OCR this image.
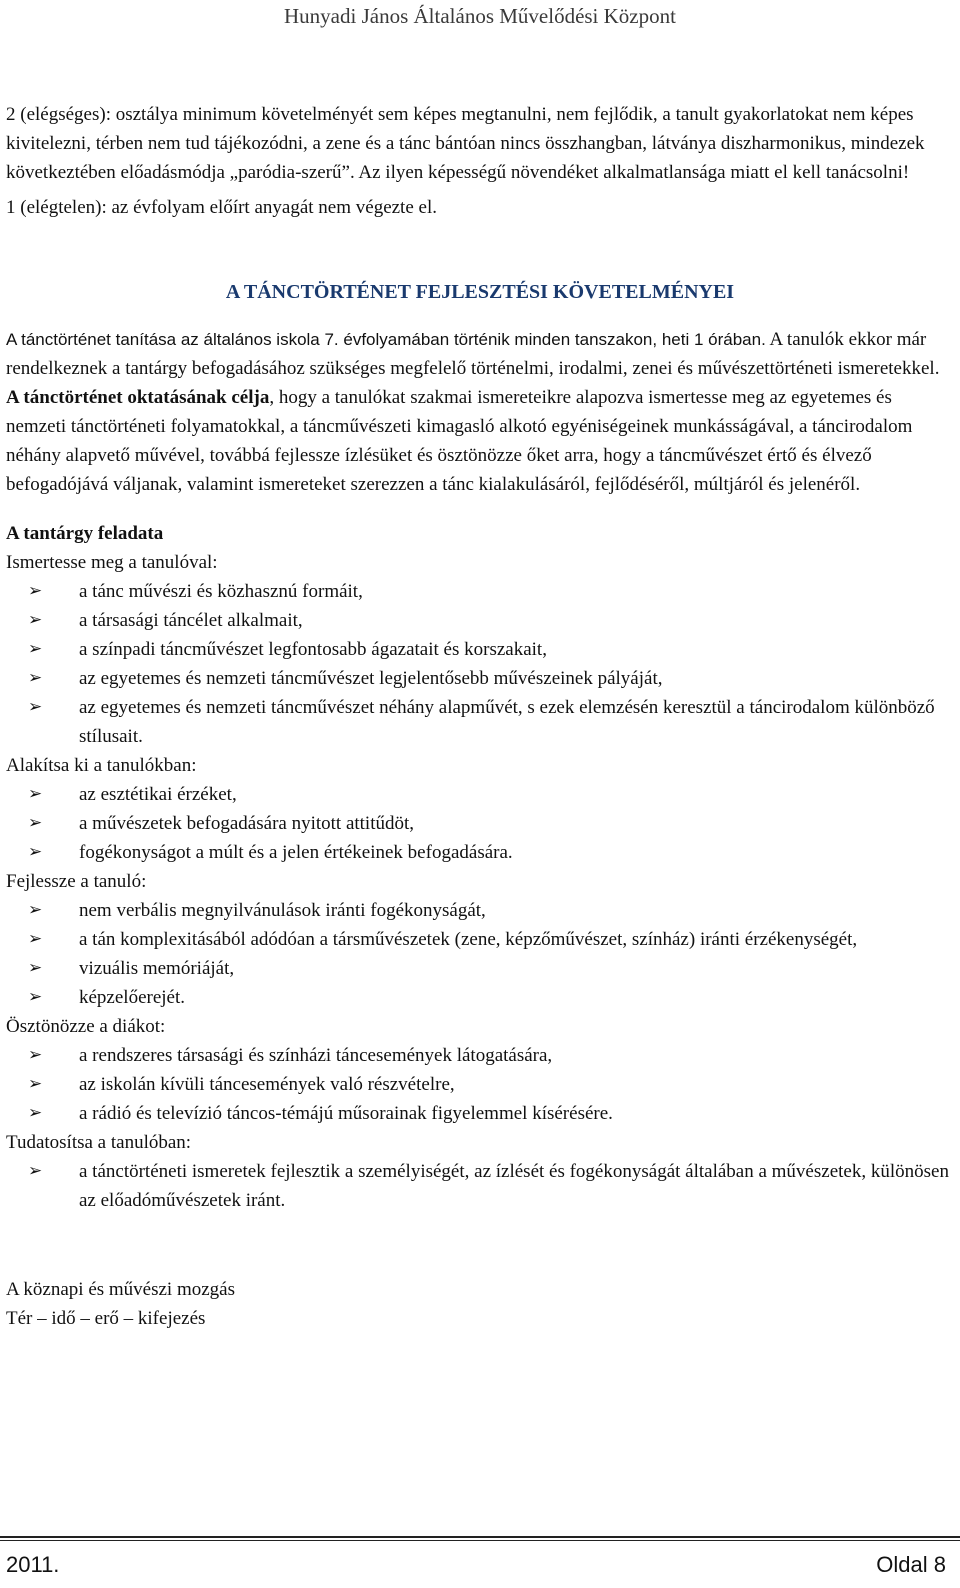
Hunyadi János Általános Művelődési Központ

2 (elégséges): osztálya minimum követelményét sem képes megtanulni, nem fejlődik, a tanult gyakorlatokat nem képes kivitelezni, térben nem tud tájékozódni, a zene és a tánc bántóan nincs összhangban, látványa diszharmonikus, mindezek következtében előadásmódja „paródia-szerű”. Az ilyen képességű növendéket alkalmatlansága miatt el kell tanácsolni!

1 (elégtelen): az évfolyam előírt anyagát nem végezte el.

A TÁNCTÖRTÉNET FEJLESZTÉSI KÖVETELMÉNYEI

A tánctörténet tanítása az általános iskola 7. évfolyamában történik minden tanszakon, heti 1 órában. A tanulók ekkor már rendelkeznek a tantárgy befogadásához szükséges megfelelő történelmi, irodalmi, zenei és művészettörténeti ismeretekkel.

A tánctörténet oktatásának célja, hogy a tanulókat szakmai ismereteikre alapozva ismertesse meg az egyetemes és nemzeti tánctörténeti folyamatokkal, a táncművészeti kimagasló alkotó egyéniségeinek munkásságával, a táncirodalom néhány alapvető művével, továbbá fejlessze ízlésüket és ösztönözze őket arra, hogy a táncművészet értő és élvező befogadójává váljanak, valamint ismereteket szerezzen a tánc kialakulásáról, fejlődéséről, múltjáról és jelenéről.

A tantárgy feladata

Ismertesse meg a tanulóval:

➢ a tánc művészi és közhasznú formáit,
➢ a társasági táncélet alkalmait,
➢ a színpadi táncművészet legfontosabb ágazatait és korszakait,
➢ az egyetemes és nemzeti táncművészet legjelentősebb művészeinek pályáját,
➢ az egyetemes és nemzeti táncművészet néhány alapművét, s ezek elemzésén keresztül a táncirodalom különböző stílusait.

Alakítsa ki a tanulókban:

➢ az esztétikai érzéket,
➢ a művészetek befogadására nyitott attitűdöt,
➢ fogékonyságot a múlt és a jelen értékeinek befogadására.

Fejlessze a tanuló:

➢ nem verbális megnyilvánulások iránti fogékonyságát,
➢ a tán komplexitásából adódóan a társművészetek (zene, képzőművészet, színház) iránti érzékenységét,
➢ vizuális memóriáját,
➢ képzelőerejét.

Ösztönözze a diákot:

➢ a rendszeres társasági és színházi táncesemények látogatására,
➢ az iskolán kívüli táncesemények való részvételre,
➢ a rádió és televízió táncos-témájú műsorainak figyelemmel kísérésére.

Tudatosítsa a tanulóban:

➢ a tánctörténeti ismeretek fejlesztik a személyiségét, az ízlését és fogékonyságát általában a művészetek, különösen az előadóművészetek iránt.

A köznapi és művészi mozgás

Tér – idő – erő – kifejezés

2011.	Oldal 8
